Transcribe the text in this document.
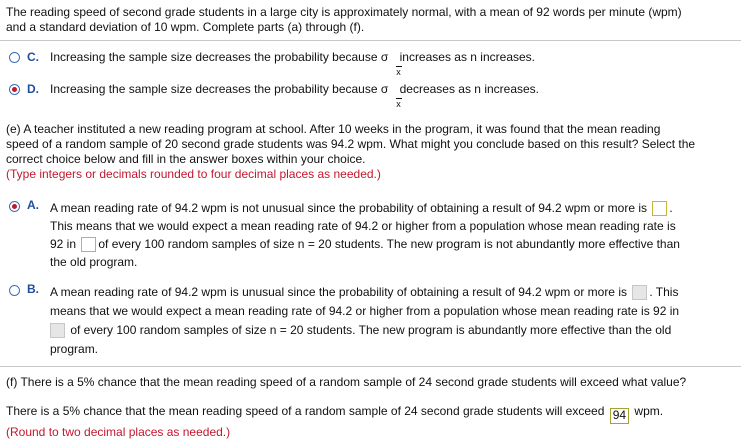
The reading speed of second grade students in a large city is approximately normal, with a mean of 92 words per minute (wpm)
and a standard deviation of 10 wpm. Complete parts (a) through (f).
C. Increasing the sample size decreases the probability because σ
x
increases as n increases.
D. Increasing the sample size decreases the probability because σ
x
decreases as n increases.
(e) A teacher instituted a new reading program at school. After 10 weeks in the program, it was found that the mean reading
speed of a random sample of 20 second grade students was 94.2 wpm. What might you conclude based on this result? Select the
correct choice below and fill in the answer boxes within your choice.
(Type integers or decimals rounded to four decimal places as needed.)
A. A mean reading rate of 94.2 wpm is not unusual since the probability of obtaining a result of 94.2 wpm or more is .
This means that we would expect a mean reading rate of 94.2 or higher from a population whose mean reading rate is
92 in of every 100 random samples of size n = 20 students. The new program is not abundantly more effective than
the old program.
B. A mean reading rate of 94.2 wpm is unusual since the probability of obtaining a result of 94.2 wpm or more is . This
means that we would expect a mean reading rate of 94.2 or higher from a population whose mean reading rate is 92 in
of every 100 random samples of size n = 20 students. The new program is abundantly more effective than the old
program.
(f) There is a 5% chance that the mean reading speed of a random sample of 24 second grade students will exceed what value?
There is a 5% chance that the mean reading speed of a random sample of 24 second grade students will exceed 94 wpm.
(Round to two decimal places as needed.)
